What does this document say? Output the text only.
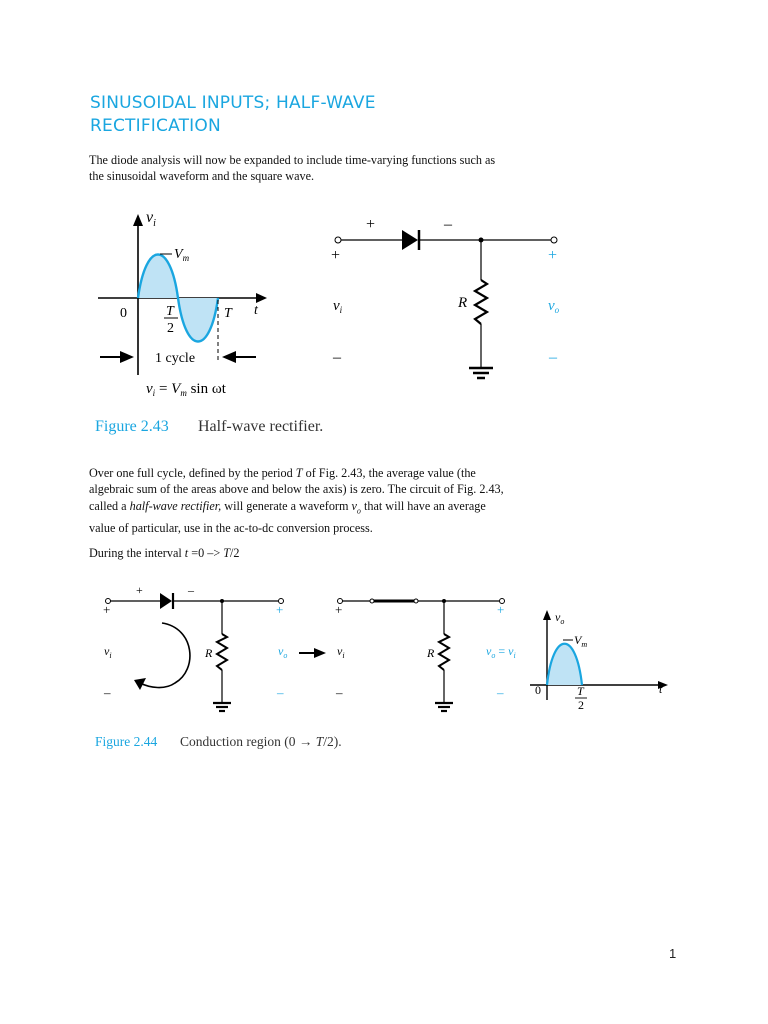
SINUSOIDAL INPUTS; HALF-WAVE
RECTIFICATION
The diode analysis will now be expanded to include time-varying functions such as
the sinusoidal waveform and the square wave.
Figure 2.43 Half-wave rectifier.
$v_i$
$V_m$
0	T
2
T t
1 cycle
$v_i = V_m$ sin ωt
+	–
+	+
$v_i$	R	$v_o$
–	–
Over one full cycle, defined by the period T of Fig. 2.43, the average value (the
algebraic sum of the areas above and below the axis) is zero. The circuit of Fig. 2.43,
called a half-wave rectifier, will generate a waveform $v_o$ that will have an average
value of particular, use in the ac-to-dc conversion process.
During the interval t =0 –> T/2
Figure 2.44 Conduction region (0 → T/2).
+	–
+	+
$v_i$	R	$v_o$
–	–
+	+
$v_i$	R	$v_o = v_i$
–	–
$v_o$
$V_m$
0	T
2
t
1
